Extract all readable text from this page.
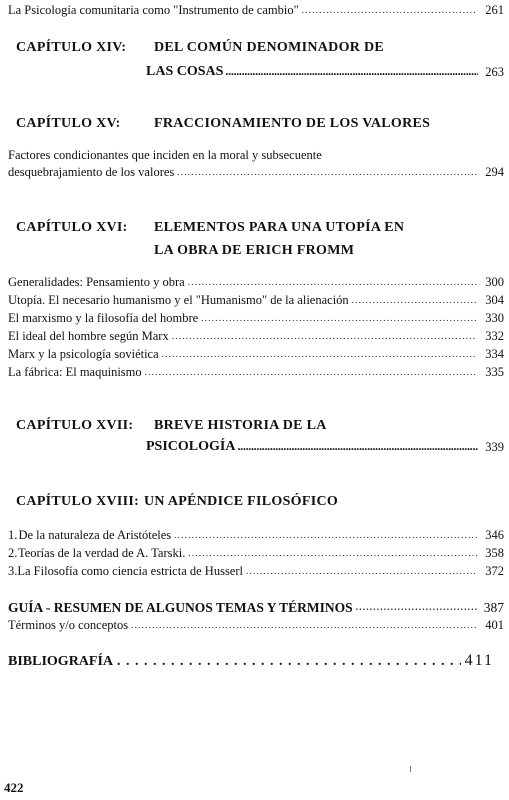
La Psicología comunitaria como "Instrumento de cambio" . . .	261
CAPÍTULO XIV: DEL COMÚN DENOMINADOR DE
LAS COSAS .....	263
CAPÍTULO XV: FRACCIONAMIENTO DE LOS VALORES
Factores condicionantes que inciden en la moral y subsecuente
desquebrajamiento de los valores . . .	294
CAPÍTULO XVI: ELEMENTOS PARA UNA UTOPÍA EN
LA OBRA DE ERICH FROMM
Generalidades: Pensamiento y obra . . .	300
Utopía. El necesario humanismo y el "Humanismo" de la alienación . . .	304
El marxismo y la filosofía del hombre . . .	330
El ideal del hombre según Marx . . .	332
Marx y la psicología soviética . . .	334
La fábrica: El maquinismo . . .	335
CAPÍTULO XVII: BREVE HISTORIA DE LA
PSICOLOGÍA .....	339
CAPÍTULO XVIII: UN APÉNDICE FILOSÓFICO
1. De la naturaleza de Aristóteles . . .	346
2. Teorías de la verdad de A. Tarski. . . .	358
3. La Filosofía como ciencia estricta de Husserl . . .	372
GUÍA - RESUMEN DE ALGUNOS TEMAS Y TÉRMINOS . . .	387
Términos y/o conceptos . . .	401
BIBLIOGRAFÍA . . .	411
422
